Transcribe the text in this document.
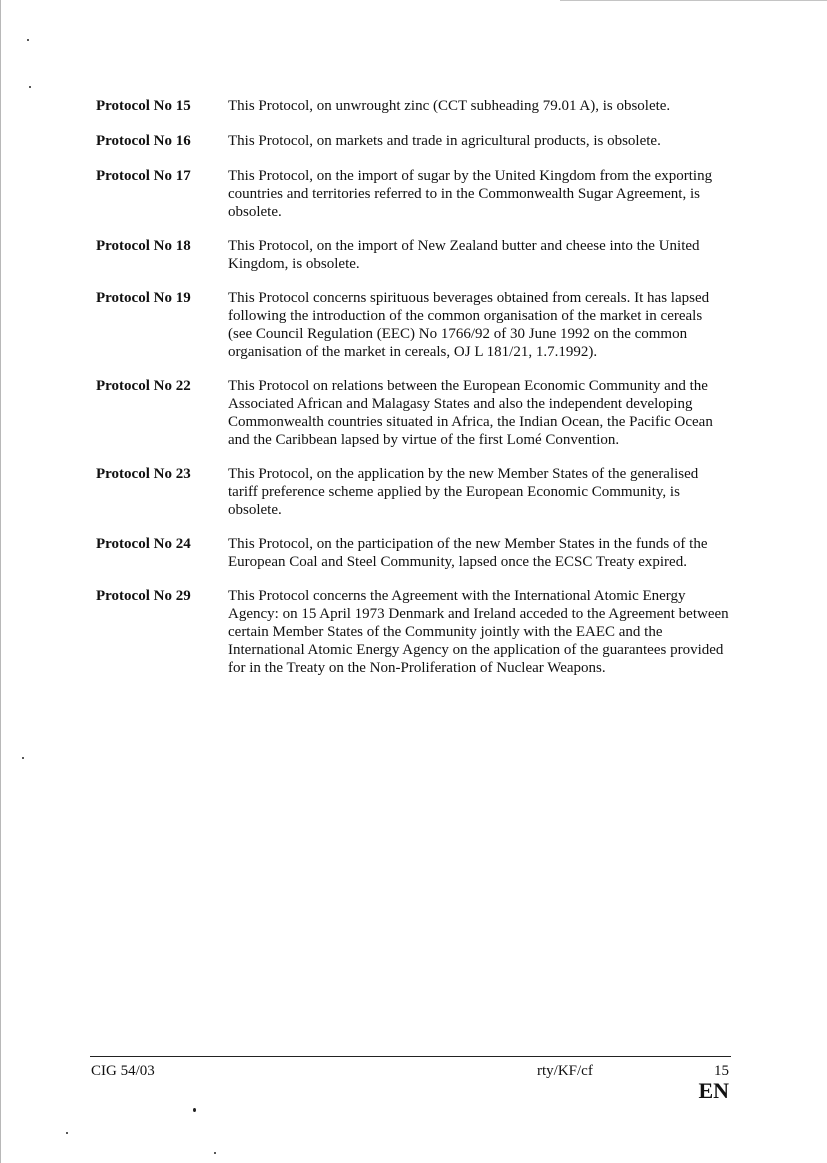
Protocol No 15	This Protocol, on unwrought zinc (CCT subheading 79.01 A), is obsolete.
Protocol No 16	This Protocol, on markets and trade in agricultural products, is obsolete.
Protocol No 17	This Protocol, on the import of sugar by the United Kingdom from the exporting countries and territories referred to in the Commonwealth Sugar Agreement, is obsolete.
Protocol No 18	This Protocol, on the import of New Zealand butter and cheese into the United Kingdom, is obsolete.
Protocol No 19	This Protocol concerns spirituous beverages obtained from cereals. It has lapsed following the introduction of the common organisation of the market in cereals (see Council Regulation (EEC) No 1766/92 of 30 June 1992 on the common organisation of the market in cereals, OJ L 181/21, 1.7.1992).
Protocol No 22	This Protocol on relations between the European Economic Community and the Associated African and Malagasy States and also the independent developing Commonwealth countries situated in Africa, the Indian Ocean, the Pacific Ocean and the Caribbean lapsed by virtue of the first Lomé Convention.
Protocol No 23	This Protocol, on the application by the new Member States of the generalised tariff preference scheme applied by the European Economic Community, is obsolete.
Protocol No 24	This Protocol, on the participation of the new Member States in the funds of the European Coal and Steel Community, lapsed once the ECSC Treaty expired.
Protocol No 29	This Protocol concerns the Agreement with the International Atomic Energy Agency: on 15 April 1973 Denmark and Ireland acceded to the Agreement between certain Member States of the Community jointly with the EAEC and the International Atomic Energy Agency on the application of the guarantees provided for in the Treaty on the Non-Proliferation of Nuclear Weapons.
CIG 54/03	rty/KF/cf	15
EN
